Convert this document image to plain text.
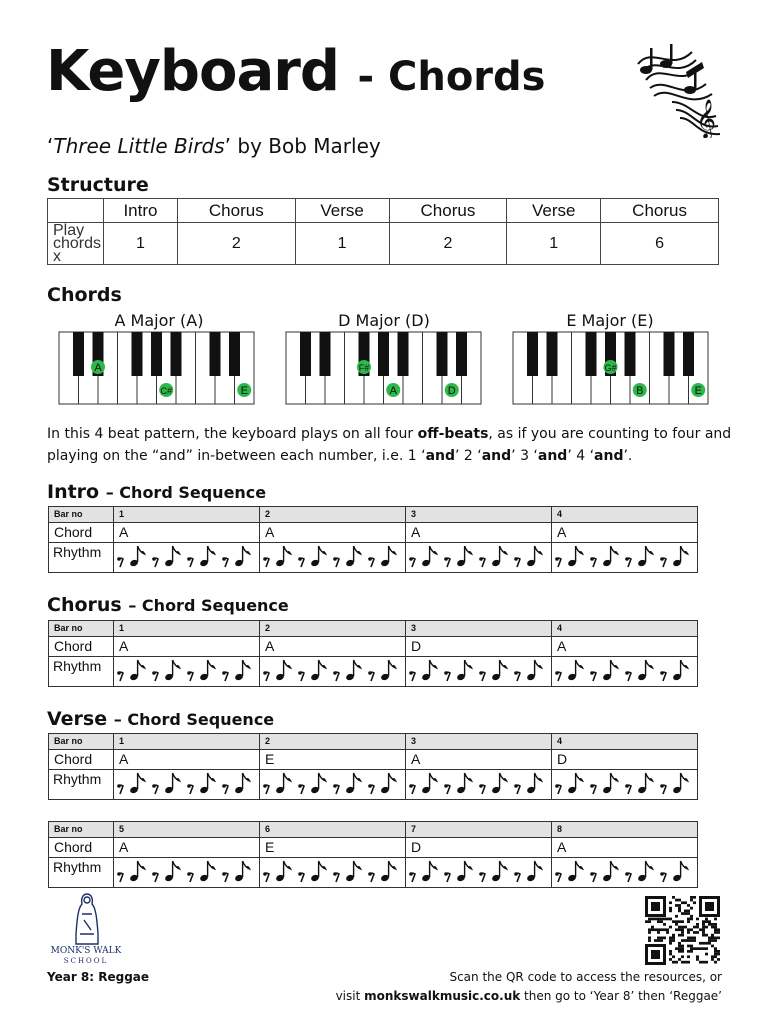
Keyboard - Chords
𝄞
‘Three Little Birds’ by Bob Marley
Structure
	Intro	Chorus	Verse	Chorus	Verse	Chorus
Play chords x	1	2	1	2	1	6
Chords
A Major (A)	D Major (D)	E Major (E)
A
C#	E
F#
A	D
G#
B	E
In this 4 beat pattern, the keyboard plays on all four off-beats, as if you are counting to four and playing on the “and” in-between each number, i.e. 1 ‘and’ 2 ‘and’ 3 ‘and’ 4 ‘and’.
Intro – Chord Sequence
Chorus – Chord Sequence
Verse – Chord Sequence
Bar no	1	2	3	4
Chord	A	A	A	A
Rhythm				
Bar no	1	2	3	4
Chord	A	A	D	A
Rhythm				
Bar no	1	2	3	4
Chord	A	E	A	D
Rhythm				
Bar no	5	6	7	8
Chord	A	E	D	A
Rhythm				
MONK'S WALK
SCHOOL
Year 8: Reggae	Scan the QR code to access the resources, or
visit monkswalkmusic.co.uk then go to ‘Year 8’ then ‘Reggae’
